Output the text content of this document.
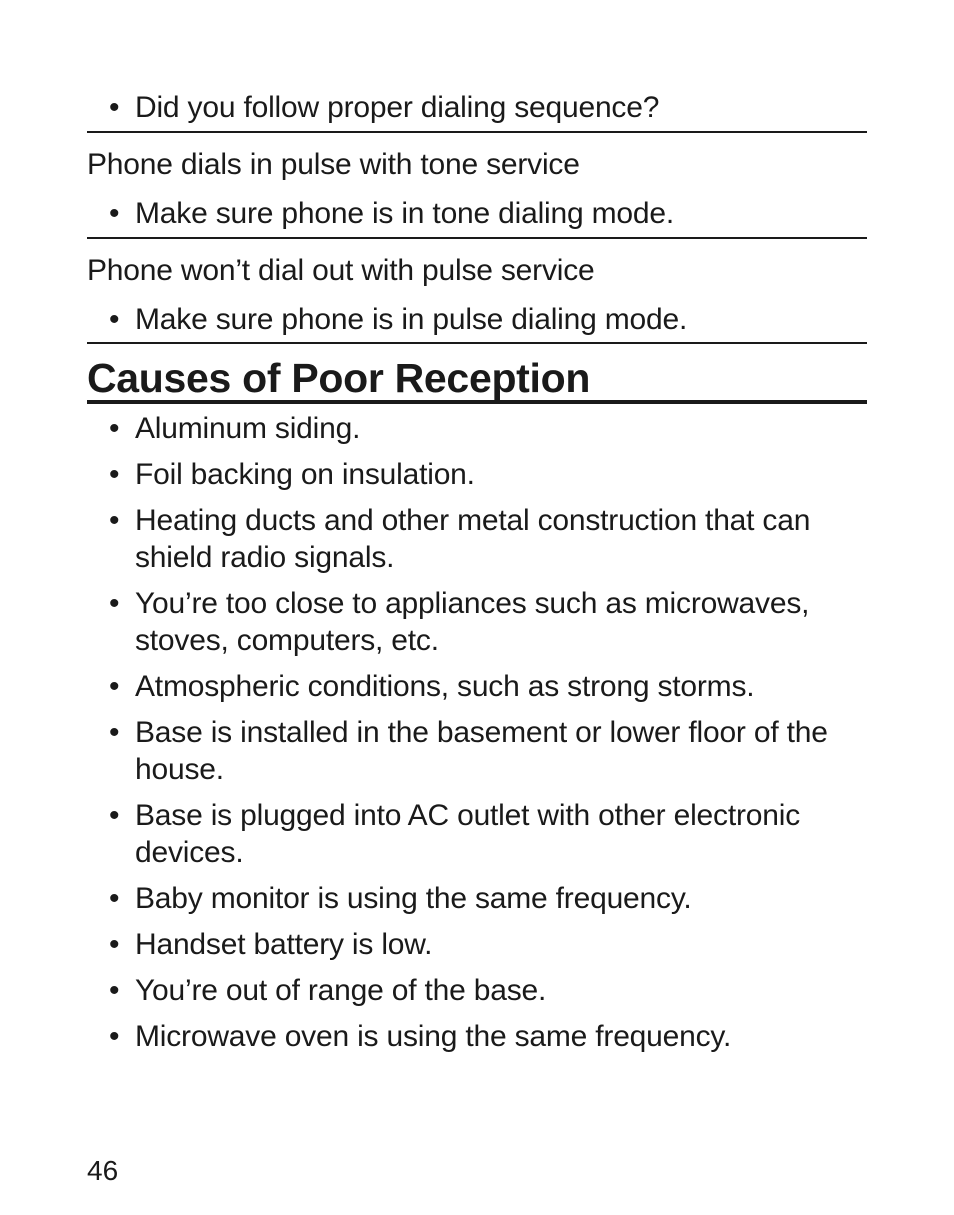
• Did you follow proper dialing sequence?
Phone dials in pulse with tone service
• Make sure phone is in tone dialing mode.
Phone won’t dial out with pulse service
• Make sure phone is in pulse dialing mode.
Causes of Poor Reception
• Aluminum siding.
• Foil backing on insulation.
• Heating ducts and other metal construction that can shield radio signals.
• You’re too close to appliances such as microwaves, stoves, computers, etc.
• Atmospheric conditions, such as strong storms.
• Base is installed in the basement or lower floor of the house.
• Base is plugged into AC outlet with other electronic devices.
• Baby monitor is using the same frequency.
• Handset battery is low.
• You’re out of range of the base.
• Microwave oven is using the same frequency.
46
